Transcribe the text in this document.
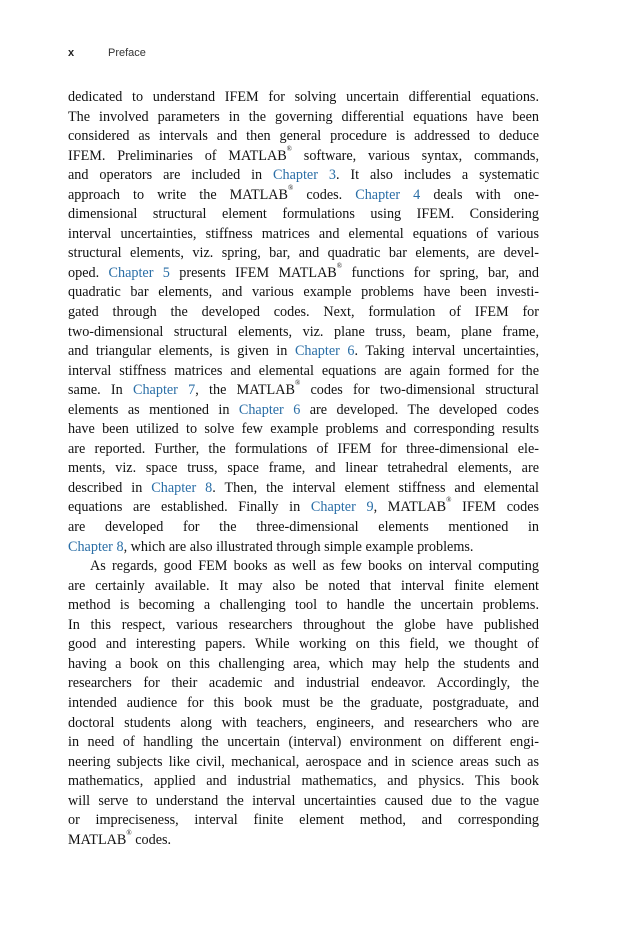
x	Preface
dedicated to understand IFEM for solving uncertain differential equations.
The involved parameters in the governing differential equations have been
considered as intervals and then general procedure is addressed to deduce
IFEM. Preliminaries of MATLAB® software, various syntax, commands,
and operators are included in Chapter 3. It also includes a systematic
approach to write the MATLAB® codes. Chapter 4 deals with one-
dimensional structural element formulations using IFEM. Considering
interval uncertainties, stiffness matrices and elemental equations of various
structural elements, viz. spring, bar, and quadratic bar elements, are devel-
oped. Chapter 5 presents IFEM MATLAB® functions for spring, bar, and
quadratic bar elements, and various example problems have been investi-
gated through the developed codes. Next, formulation of IFEM for
two-dimensional structural elements, viz. plane truss, beam, plane frame,
and triangular elements, is given in Chapter 6. Taking interval uncertainties,
interval stiffness matrices and elemental equations are again formed for the
same. In Chapter 7, the MATLAB® codes for two-dimensional structural
elements as mentioned in Chapter 6 are developed. The developed codes
have been utilized to solve few example problems and corresponding results
are reported. Further, the formulations of IFEM for three-dimensional ele-
ments, viz. space truss, space frame, and linear tetrahedral elements, are
described in Chapter 8. Then, the interval element stiffness and elemental
equations are established. Finally in Chapter 9, MATLAB® IFEM codes
are developed for the three-dimensional elements mentioned in
Chapter 8, which are also illustrated through simple example problems.
As regards, good FEM books as well as few books on interval computing
are certainly available. It may also be noted that interval finite element
method is becoming a challenging tool to handle the uncertain problems.
In this respect, various researchers throughout the globe have published
good and interesting papers. While working on this field, we thought of
having a book on this challenging area, which may help the students and
researchers for their academic and industrial endeavor. Accordingly, the
intended audience for this book must be the graduate, postgraduate, and
doctoral students along with teachers, engineers, and researchers who are
in need of handling the uncertain (interval) environment on different engi-
neering subjects like civil, mechanical, aerospace and in science areas such as
mathematics, applied and industrial mathematics, and physics. This book
will serve to understand the interval uncertainties caused due to the vague
or impreciseness, interval finite element method, and corresponding
MATLAB® codes.
